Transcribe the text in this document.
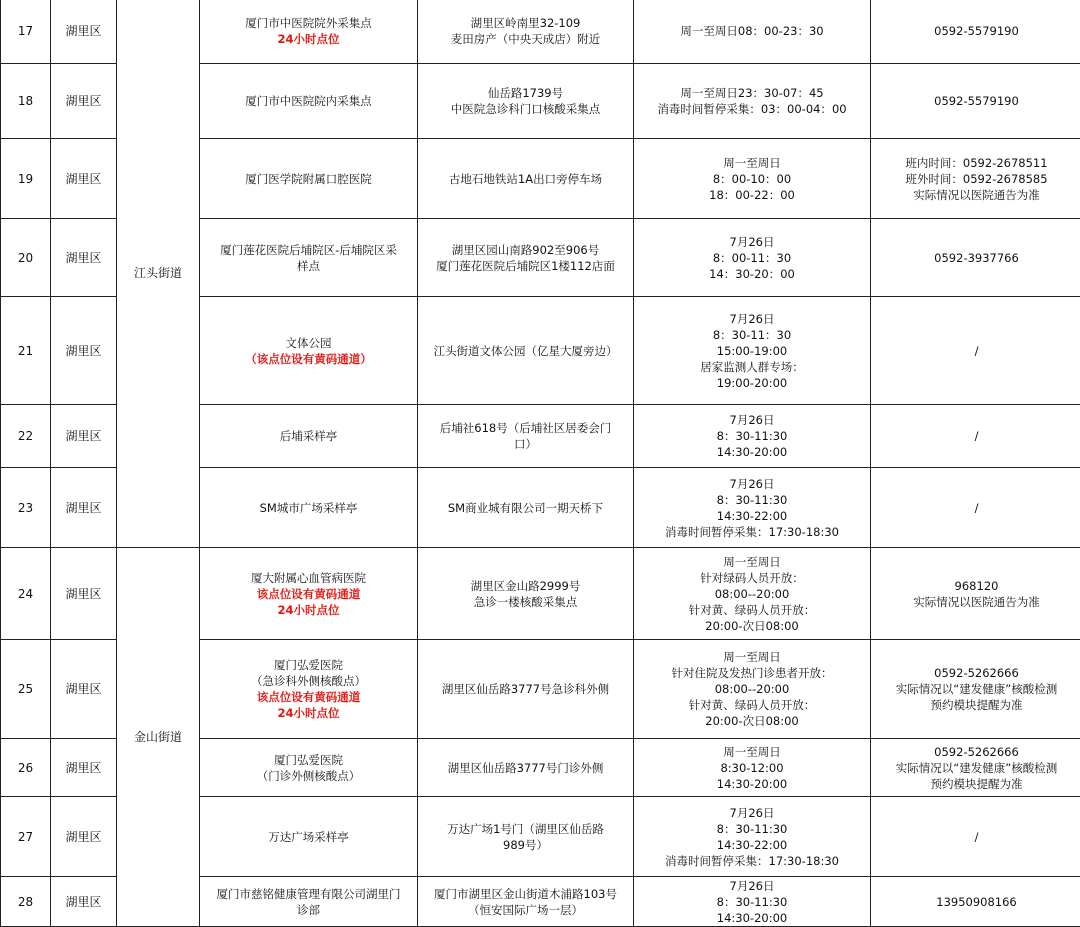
17	湖里区	江头街道	厦门市中医院院外采集点
24小时点位	湖里区岭南里32-109
麦田房产（中央天成店）附近	周一至周日08：00-23：30	0592-5579190

18	湖里区		厦门市中医院院内采集点	仙岳路1739号
中医院急诊科门口核酸采集点	周一至周日23：30-07：45
消毒时间暂停采集：03：00-04：00	0592-5579190

19	湖里区		厦门医学院附属口腔医院	古地石地铁站1A出口旁停车场	周一至周日
8：00-10：00
18：00-22：00	班内时间：0592-2678511
班外时间：0592-2678585
实际情况以医院通告为准

20	湖里区		厦门莲花医院后埔院区-后埔院区采
样点	湖里区园山南路902至906号
厦门莲花医院后埔院区1楼112店面	7月26日
8：00-11：30
14：30-20：00	0592-3937766

21	湖里区		文体公园
（该点位设有黄码通道）	江头街道文体公园（亿星大厦旁边）	7月26日
8：30-11：30
15:00-19:00
居家监测人群专场：
19:00-20:00	/

22	湖里区		后埔采样亭	后埔社618号（后埔社区居委会门
口）	7月26日
8：30-11:30
14:30-20:00	/

23	湖里区		SM城市广场采样亭	SM商业城有限公司一期天桥下	7月26日
8：30-11:30
14:30-22:00
消毒时间暂停采集：17:30-18:30	/

24	湖里区	金山街道	厦大附属心血管病医院
该点位设有黄码通道
24小时点位	湖里区金山路2999号
急诊一楼核酸采集点	周一至周日
针对绿码人员开放：
08:00--20:00
针对黄、绿码人员开放：
20:00-次日08:00	968120
实际情况以医院通告为准

25	湖里区		厦门弘爱医院
（急诊科外侧核酸点）
该点位设有黄码通道
24小时点位	湖里区仙岳路3777号急诊科外侧	周一至周日
针对住院及发热门诊患者开放：
08:00--20:00
针对黄、绿码人员开放：
20:00-次日08:00	0592-5262666
实际情况以“建发健康”核酸检测
预约模块提醒为准

26	湖里区		厦门弘爱医院
（门诊外侧核酸点）	湖里区仙岳路3777号门诊外侧	周一至周日
8:30-12:00
14:30-20:00	0592-5262666
实际情况以“建发健康”核酸检测
预约模块提醒为准

27	湖里区		万达广场采样亭	万达广场1号门（湖里区仙岳路
989号）	7月26日
8：30-11:30
14:30-22:00
消毒时间暂停采集：17:30-18:30	/

28	湖里区		厦门市慈铭健康管理有限公司湖里门
诊部	厦门市湖里区金山街道木浦路103号
（恒安国际广场一层）	7月26日
8：30-11:30
14:30-20:00	13950908166
